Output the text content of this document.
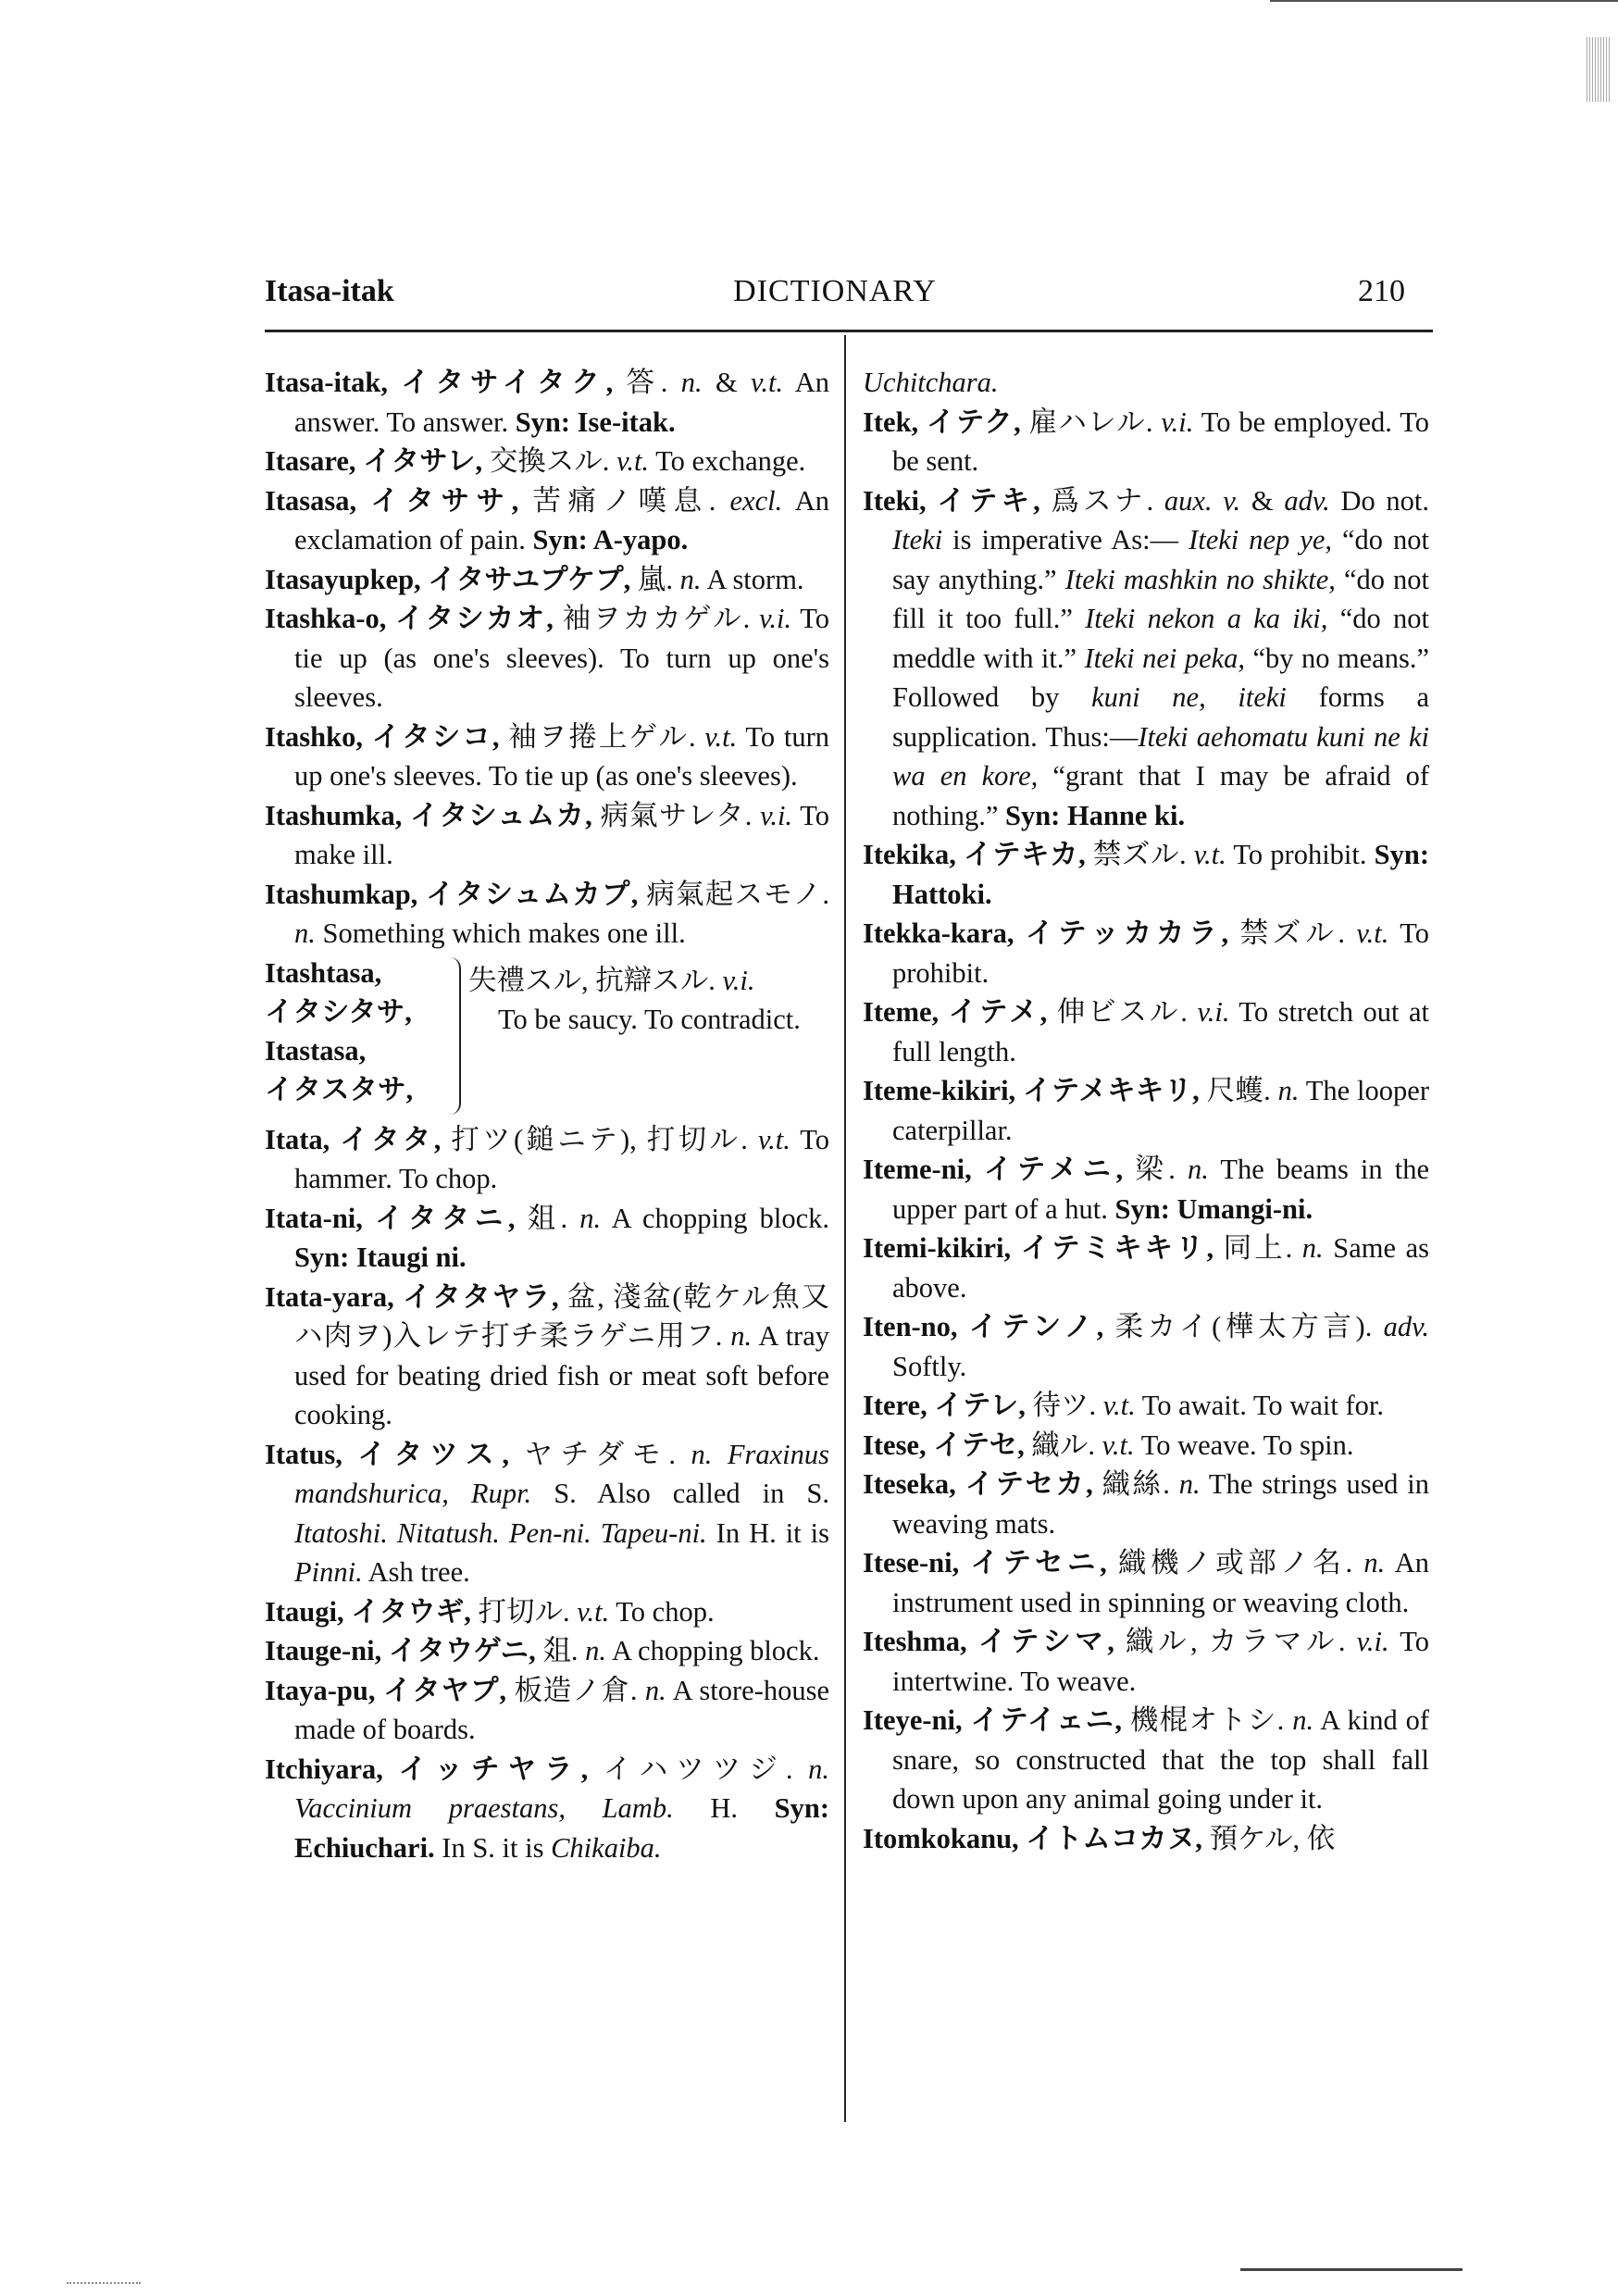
Itasa-itak	DICTIONARY	210

Itasa-itak, イタサイタク, 答. n. & v.t. An answer. To answer. Syn: Ise-itak.

Itasare, イタサレ, 交換スル. v.t. To exchange.

Itasasa, イタササ, 苦痛ノ嘆息. excl. An exclamation of pain. Syn: A-yapo.

Itasayupkep, イタサユプケプ, 嵐. n. A storm.

Itashka-o, イタシカオ, 袖ヲカカゲル. v.i. To tie up (as one's sleeves). To turn up one's sleeves.

Itashko, イタシコ, 袖ヲ捲上ゲル. v.t. To turn up one's sleeves. To tie up (as one's sleeves).

Itashumka, イタシュムカ, 病氣サレタ. v.i. To make ill.

Itashumkap, イタシュムカプ, 病氣起スモノ. n. Something which makes one ill.

Itashtasa,
イタシタサ,
Itastasa,
イタスタサ,
失禮スル, 抗辯スル. v.i.
To be saucy. To contradict.

Itata, イタタ, 打ツ(鎚ニテ), 打切ル. v.t. To hammer. To chop.

Itata-ni, イタタニ, 爼. n. A chopping block. Syn: Itaugi ni.

Itata-yara, イタタヤラ, 盆, 淺盆(乾ケル魚又ハ肉ヲ)入レテ打チ柔ラゲニ用フ. n. A tray used for beating dried fish or meat soft before cooking.

Itatus, イタツス, ヤチダモ. n. Fraxinus mandshurica, Rupr. S. Also called in S. Itatoshi. Nitatush. Pen-ni. Tapeu-ni. In H. it is Pinni. Ash tree.

Itaugi, イタウギ, 打切ル. v.t. To chop.

Itauge-ni, イタウゲニ, 爼. n. A chopping block.

Itaya-pu, イタヤプ, 板造ノ倉. n. A store-house made of boards.

Itchiyara, イッチヤラ, イハツツジ. n. Vaccinium praestans, Lamb. H. Syn: Echiuchari. In S. it is Chikaiba.

Uchitchara.

Itek, イテク, 雇ハレル. v.i. To be employed. To be sent.

Iteki, イテキ, 爲スナ. aux. v. & adv. Do not. Iteki is imperative As:— Iteki nep ye, “do not say anything.” Iteki mashkin no shikte, “do not fill it too full.” Iteki nekon a ka iki, “do not meddle with it.” Iteki nei peka, “by no means.” Followed by kuni ne, iteki forms a supplication. Thus:—Iteki aehomatu kuni ne ki wa en kore, “grant that I may be afraid of nothing.” Syn: Hanne ki.

Itekika, イテキカ, 禁ズル. v.t. To prohibit. Syn: Hattoki.

Itekka-kara, イテッカカラ, 禁ズル. v.t. To prohibit.

Iteme, イテメ, 伸ビスル. v.i. To stretch out at full length.

Iteme-kikiri, イテメキキリ, 尺蠖. n. The looper caterpillar.

Iteme-ni, イテメニ, 梁. n. The beams in the upper part of a hut. Syn: Umangi-ni.

Itemi-kikiri, イテミキキリ, 同上. n. Same as above.

Iten-no, イテンノ, 柔カイ(樺太方言). adv. Softly.

Itere, イテレ, 待ツ. v.t. To await. To wait for.

Itese, イテセ, 織ル. v.t. To weave. To spin.

Iteseka, イテセカ, 織絲. n. The strings used in weaving mats.

Itese-ni, イテセニ, 織機ノ或部ノ名. n. An instrument used in spinning or weaving cloth.

Iteshma, イテシマ, 織ル, カラマル. v.i. To intertwine. To weave.

Iteye-ni, イテイェニ, 機棍オトシ. n. A kind of snare, so constructed that the top shall fall down upon any animal going under it.

Itomkokanu, イトムコカヌ, 預ケル, 依
